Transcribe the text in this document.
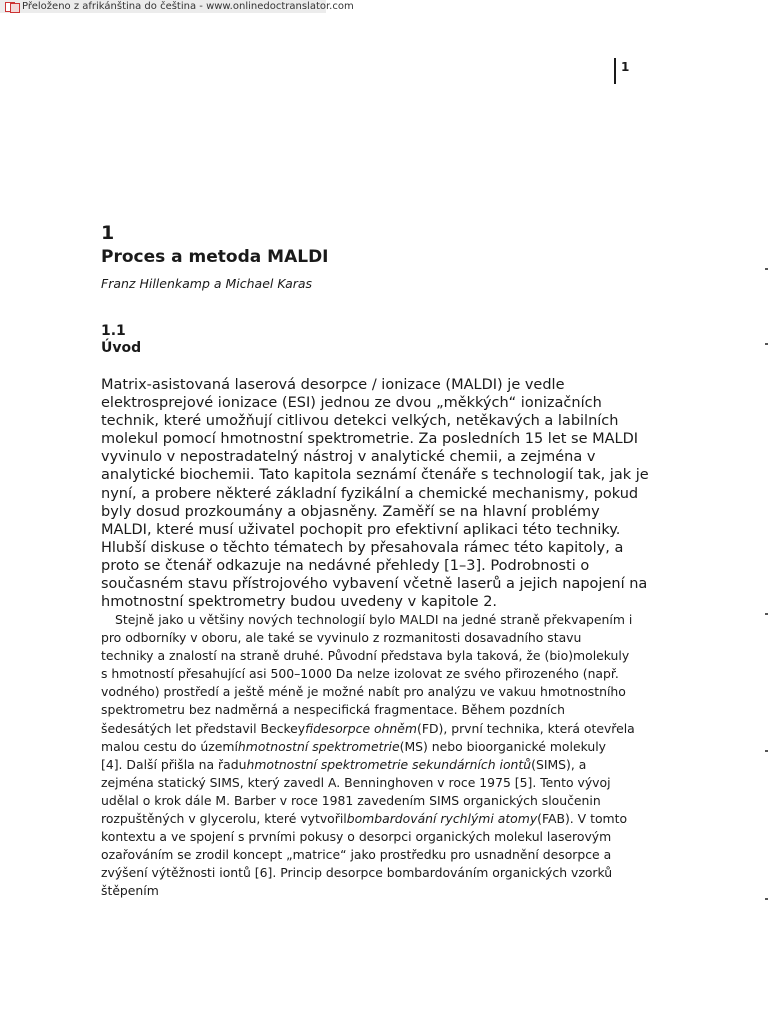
Přeloženo z afrikánština do čeština - www.onlinedoctranslator.com
1
1
Proces a metoda MALDI
Franz Hillenkamp a Michael Karas
1.1
Úvod

Matrix-asistovaná laserová desorpce / ionizace (MALDI) je vedle
elektrosprejové ionizace (ESI) jednou ze dvou „měkkých“ ionizačních
technik, které umožňují citlivou detekci velkých, netěkavých a labilních
molekul pomocí hmotnostní spektrometrie. Za posledních 15 let se MALDI
vyvinulo v nepostradatelný nástroj v analytické chemii, a zejména v
analytické biochemii. Tato kapitola seznámí čtenáře s technologií tak, jak je
nyní, a probere některé základní fyzikální a chemické mechanismy, pokud
byly dosud prozkoumány a objasněny. Zaměří se na hlavní problémy
MALDI, které musí uživatel pochopit pro efektivní aplikaci této techniky.
Hlubší diskuse o těchto tématech by přesahovala rámec této kapitoly, a
proto se čtenář odkazuje na nedávné přehledy [1–3]. Podrobnosti o
současném stavu přístrojového vybavení včetně laserů a jejich napojení na
hmotnostní spektrometry budou uvedeny v kapitole 2.

Stejně jako u většiny nových technologií bylo MALDI na jedné straně překvapením i
pro odborníky v oboru, ale také se vyvinulo z rozmanitosti dosavadního stavu
techniky a znalostí na straně druhé. Původní představa byla taková, že (bio)molekuly
s hmotností přesahující asi 500–1000 Da nelze izolovat ze svého přirozeného (např.
vodného) prostředí a ještě méně je možné nabít pro analýzu ve vakuu hmotnostního
spektrometru bez nadměrná a nespecifická fragmentace. Během pozdních
šedesátých let představil Beckeyfidesorpce ohněm(FD), první technika, která otevřela
malou cestu do územíhmotnostní spektrometrie(MS) nebo bioorganické molekuly
[4]. Další přišla na řaduhmotnostní spektrometrie sekundárních iontů(SIMS), a
zejména statický SIMS, který zavedl A. Benninghoven v roce 1975 [5]. Tento vývoj
udělal o krok dále M. Barber v roce 1981 zavedením SIMS organických sloučenin
rozpuštěných v glycerolu, které vytvořilbombardování rychlými atomy(FAB). V tomto
kontextu a ve spojení s prvními pokusy o desorpci organických molekul laserovým
ozařováním se zrodil koncept „matrice“ jako prostředku pro usnadnění desorpce a
zvýšení výtěžnosti iontů [6]. Princip desorpce bombardováním organických vzorků
štěpením
